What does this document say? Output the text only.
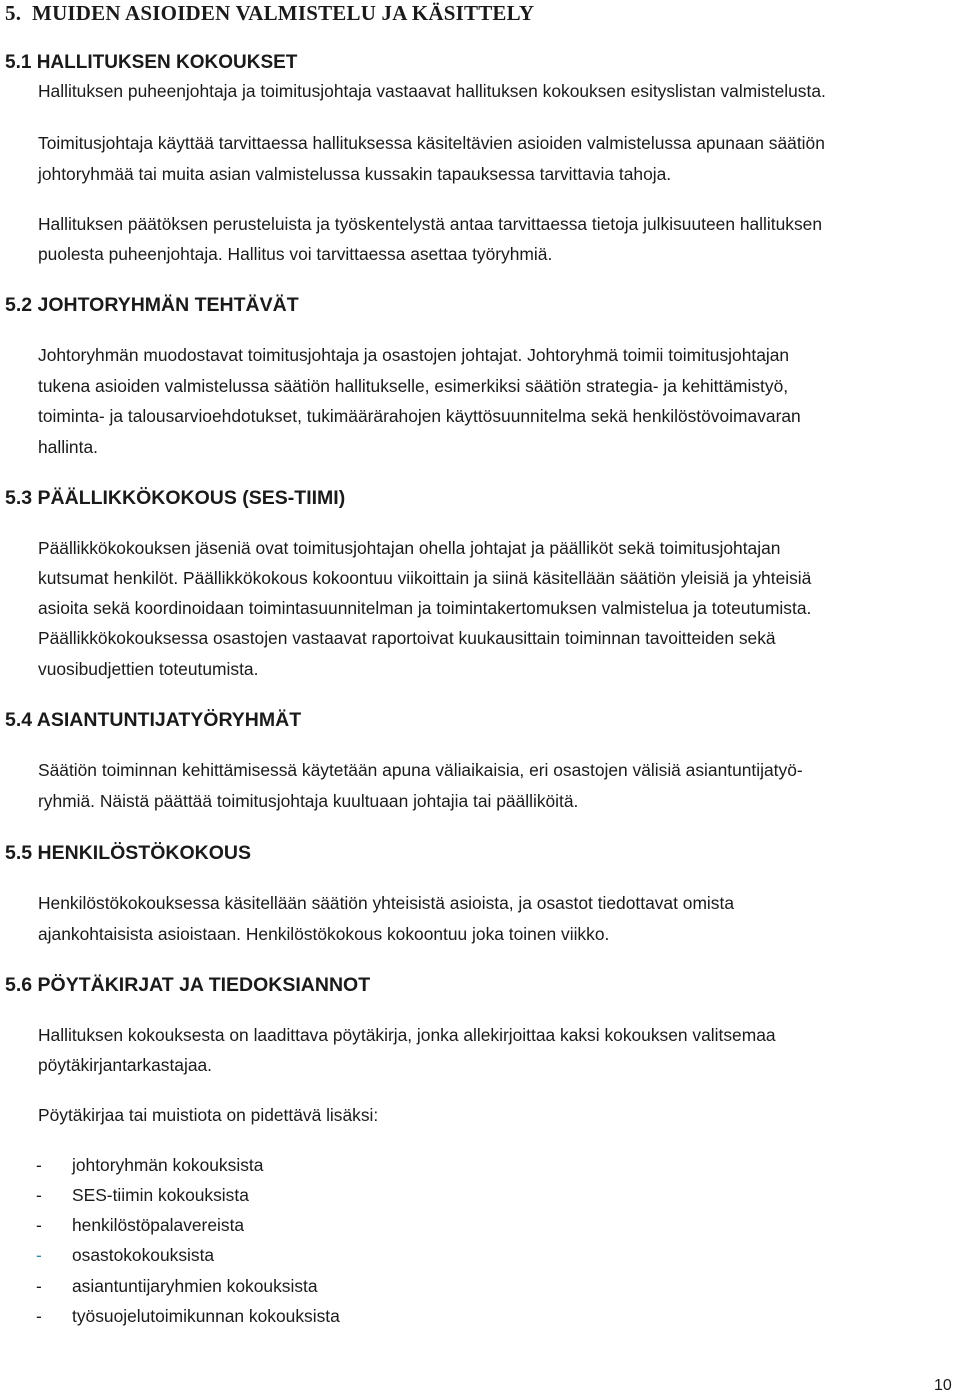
5.  MUIDEN ASIOIDEN VALMISTELU JA KÄSITTELY
5.1 HALLITUKSEN KOKOUKSET

Hallituksen puheenjohtaja ja toimitusjohtaja vastaavat hallituksen kokouksen esityslistan valmistelusta.

Toimitusjohtaja käyttää tarvittaessa hallituksessa käsiteltävien asioiden valmistelussa apunaan säätiön

johtoryhmää tai muita asian valmistelussa kussakin tapauksessa tarvittavia tahoja.

Hallituksen päätöksen perusteluista ja työskentelystä antaa tarvittaessa tietoja julkisuuteen hallituksen

puolesta puheenjohtaja. Hallitus voi tarvittaessa asettaa työryhmiä.

5.2 JOHTORYHMÄN TEHTÄVÄT

Johtoryhmän muodostavat toimitusjohtaja ja osastojen johtajat. Johtoryhmä toimii toimitusjohtajan

tukena asioiden valmistelussa säätiön hallitukselle, esimerkiksi säätiön strategia- ja kehittämistyö,

toiminta- ja talousarvioehdotukset, tukimäärärahojen käyttösuunnitelma sekä henkilöstövoimavaran

hallinta.

5.3 PÄÄLLIKKÖKOKOUS (SES-TIIMI)

Päällikkökokouksen jäseniä ovat toimitusjohtajan ohella johtajat ja päälliköt sekä toimitusjohtajan

kutsumat henkilöt. Päällikkökokous kokoontuu viikoittain ja siinä käsitellään säätiön yleisiä ja yhteisiä

asioita sekä koordinoidaan toimintasuunnitelman ja toimintakertomuksen valmistelua ja toteutumista.

Päällikkökokouksessa osastojen vastaavat raportoivat kuukausittain toiminnan tavoitteiden sekä

vuosibudjettien toteutumista.

5.4 ASIANTUNTIJATYÖRYHMÄT

Säätiön toiminnan kehittämisessä käytetään apuna väliaikaisia, eri osastojen välisiä asiantuntijatyö-

ryhmiä. Näistä päättää toimitusjohtaja kuultuaan johtajia tai päälliköitä.

5.5 HENKILÖSTÖKOKOUS

Henkilöstökokouksessa käsitellään säätiön yhteisistä asioista, ja osastot tiedottavat omista

ajankohtaisista asioistaan. Henkilöstökokous kokoontuu joka toinen viikko.

5.6 PÖYTÄKIRJAT JA TIEDOKSIANNOT

Hallituksen kokouksesta on laadittava pöytäkirja, jonka allekirjoittaa kaksi kokouksen valitsemaa

pöytäkirjantarkastajaa.

Pöytäkirjaa tai muistiota on pidettävä lisäksi:

- johtoryhmän kokouksista
- SES-tiimin kokouksista
- henkilöstöpalavereista
- osastokokouksista
- asiantuntijaryhmien kokouksista
- työsuojelutoimikunnan kokouksista
10
